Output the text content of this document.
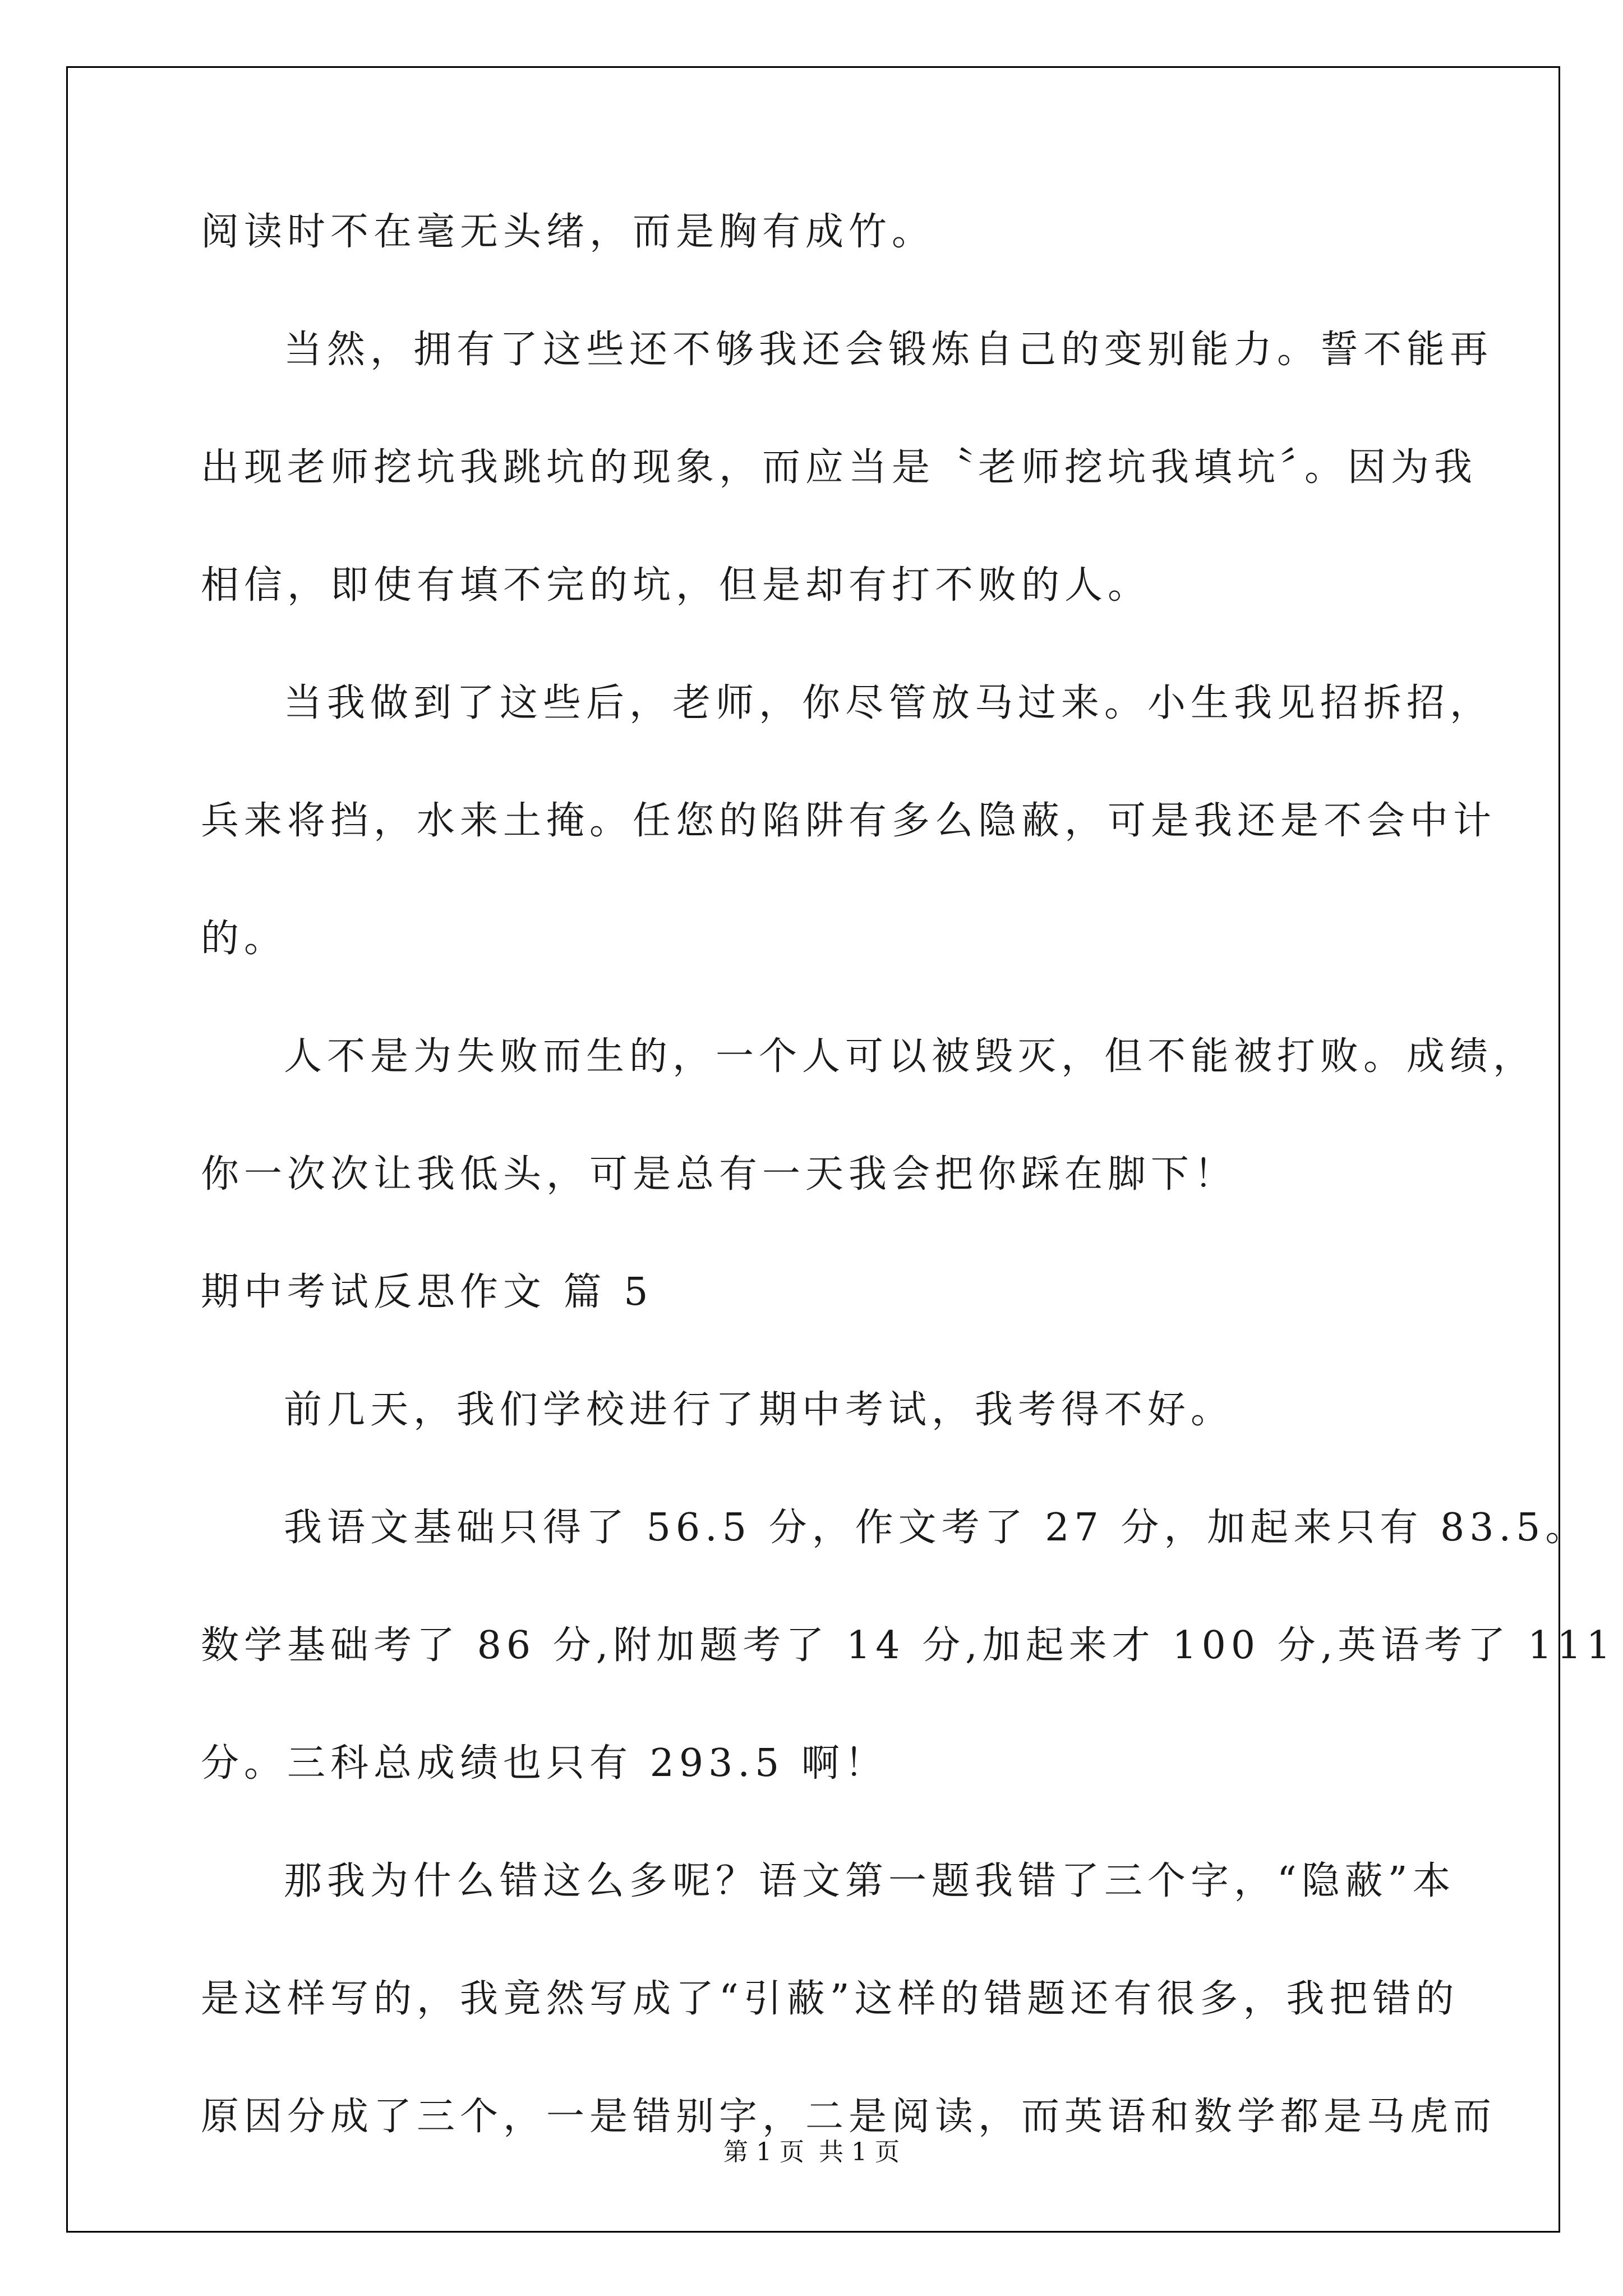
阅读时不在毫无头绪，而是胸有成竹。
当然，拥有了这些还不够我还会锻炼自己的变别能力。誓不能再
出现老师挖坑我跳坑的现象，而应当是〝老师挖坑我填坑〞。因为我
相信，即使有填不完的坑，但是却有打不败的人。
当我做到了这些后，老师，你尽管放马过来。小生我见招拆招，
兵来将挡，水来土掩。任您的陷阱有多么隐蔽，可是我还是不会中计
的。
人不是为失败而生的，一个人可以被毁灭，但不能被打败。成绩，
你一次次让我低头，可是总有一天我会把你踩在脚下！
期中考试反思作文 篇 5
前几天，我们学校进行了期中考试，我考得不好。
我语文基础只得了 56.5 分，作文考了 27 分，加起来只有 83.5。
数学基础考了 86 分,附加题考了 14 分,加起来才 100 分,英语考了 111
分。三科总成绩也只有 293.5 啊！
那我为什么错这么多呢？语文第一题我错了三个字，“隐蔽”本
是这样写的，我竟然写成了“引蔽”这样的错题还有很多，我把错的
原因分成了三个，一是错别字，二是阅读，而英语和数学都是马虎而
第 1 页 共 1 页
